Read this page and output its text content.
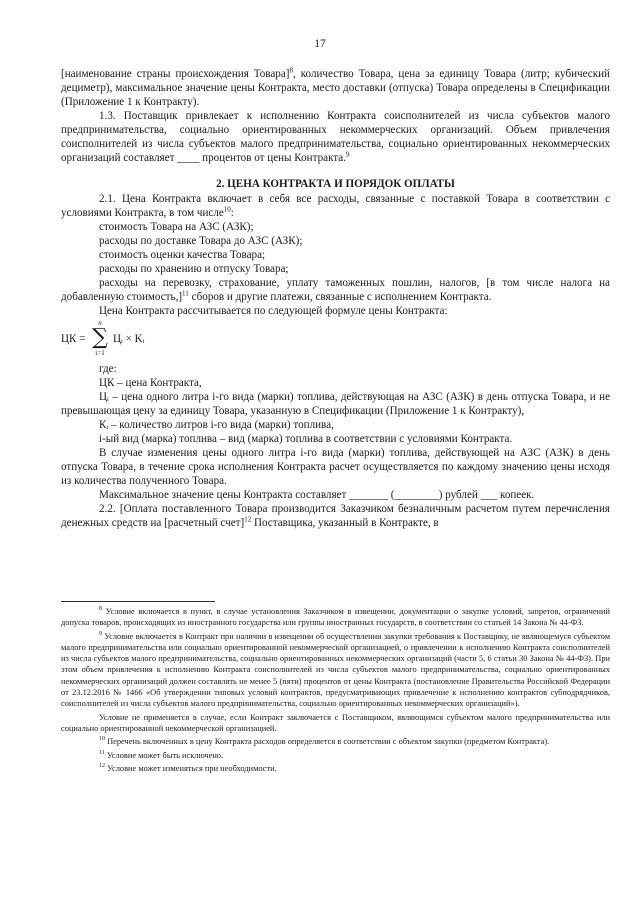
17

[наименование страны происхождения Товара]$^8$, количество Товара, цена за единицу Товара (литр; кубический дециметр), максимальное значение цены Контракта, место доставки (отпуска) Товара определены в Спецификации (Приложение 1 к Контракту).

1.3. Поставщик привлекает к исполнению Контракта соисполнителей из числа субъектов малого предпринимательства, социально ориентированных некоммерческих организаций. Объем привлечения соисполнителей из числа субъектов малого предпринимательства, социально ориентированных некоммерческих организаций составляет ____ процентов от цены Контракта.$^9$

2. ЦЕНА КОНТРАКТА И ПОРЯДОК ОПЛАТЫ

2.1. Цена Контракта включает в себя все расходы, связанные с поставкой Товара в соответствии с условиями Контракта, в том числе$^{10}$:

стоимость Товара на АЗС (АЗК);

расходы по доставке Товара до АЗС (АЗК);

стоимость оценки качества Товара;

расходы по хранению и отпуску Товара;

расходы на перевозку, страхование, уплату таможенных пошлин, налогов, [в том числе налога на добавленную стоимость,]$^{11}$ сборов и другие платежи, связанные с исполнением Контракта.

Цена Контракта рассчитывается по следующей формуле цены Контракта:

ЦК =
n
∑
i=1
Цᵢ × Kᵢ

где:

ЦК – цена Контракта,

Цᵢ – цена одного литра i-го вида (марки) топлива, действующая на АЗС (АЗК) в день отпуска Товара, и не превышающая цену за единицу Товара, указанную в Спецификации (Приложение 1 к Контракту),

Кᵢ – количество литров i-го вида (марки) топлива,

i-ый вид (марка) топлива – вид (марка) топлива в соответствии с условиями Контракта.

В случае изменения цены одного литра i-го вида (марки) топлива, действующей на АЗС (АЗК) в день отпуска Товара, в течение срока исполнения Контракта расчет осуществляется по каждому значению цены исходя из количества полученного Товара.

Максимальное значение цены Контракта составляет _______ (________) рублей ___ копеек.

2.2. [Оплата поставленного Товара производится Заказчиком безналичным расчетом путем перечисления денежных средств на [расчетный счет]$^{12}$ Поставщика, указанный в Контракте, в

$^8$ Условие включается в пункт, в случае установления Заказчиком в извещении, документации о закупке условий, запретов, ограничений допуска товаров, происходящих из иностранного государства или группы иностранных государств, в соответствии со статьей 14 Закона № 44-ФЗ.

$^9$ Условие включается в Контракт при наличии в извещении об осуществлении закупки требования к Поставщику, не являющемуся субъектом малого предпринимательства или социально ориентированной некоммерческой организацией, о привлечении к исполнению Контракта соисполнителей из числа субъектов малого предпринимательства, социально ориентированных некоммерческих организаций (части 5, 6 статьи 30 Закона № 44-ФЗ). При этом объем привлечения к исполнению Контракта соисполнителей из числа субъектов малого предпринимательства, социально ориентированных некоммерческих организаций должен составлять не менее 5 (пяти) процентов от цены Контракта (постановление Правительства Российской Федерации от 23.12.2016 № 1466 «Об утверждении типовых условий контрактов, предусматривающих привлечение к исполнению контрактов субподрядчиков, соисполнителей из числа субъектов малого предпринимательства, социально ориентированных некоммерческих организаций»).

Условие не применяется в случае, если Контракт заключается с Поставщиком, являющимся субъектом малого предпринимательства или социально ориентированной некоммерческой организацией.

$^{10}$ Перечень включенных в цену Контракта расходов определяется в соответствии с объектом закупки (предметом Контракта).

$^{11}$ Условие может быть исключено.

$^{12}$ Условие может изменяться при необходимости.
